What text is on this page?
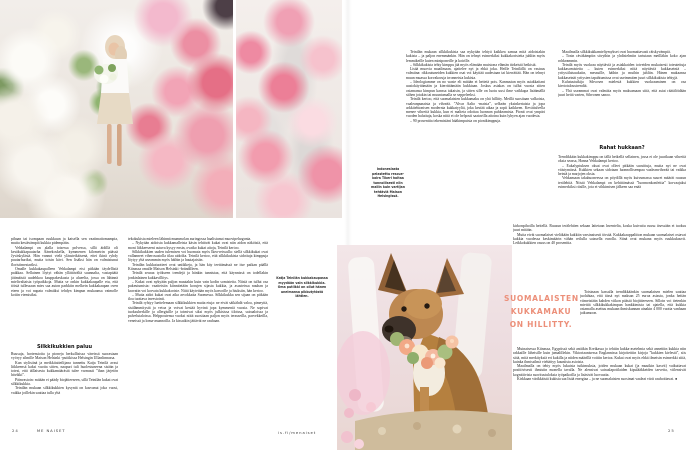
pihaan tai isompaan ruukkuun ja katsella sen vaatimattomampia, mutta kestävämpiä kukkia pidempään.

Vehkalampi on alalla toisessa polvessa, sillä äidillä oli kesäkukkapuutarha Äänekoskella, kymmenen kilometrin päässä Jyväskylästä. Hän vannoi vielä yläasteikäisenä, ettei ikinä ryhdy puutarhuriksi, mutta toisin kävi. Sen lisäksi hän on valmistunut floristimestariksi.

Omalle kukkakaupalleen Vehkalampi etsi pitkään täydellistä paikkaa. Sellainen löytyi vähän yllättävältä suunnalta, vastapäätä jätimäistä uudehkoa kauppakeskusta ja alueelta, jossa on lähinnä mielivaltaisia työpaikkoja. Mutta se onkin kukkakaupalle etu, että töistä tullessaan mies saa auton parkkiin melkein kukkakaupan oven eteen ja voi napata valmiiksi tehdyn kimpun mukaansa vaimolle kotiin viemisiksi.

Silkkikukkien paluu

Ruusuja, hortensioita ja pioneja herkullisissa väreissä suorastaan vyöryy silmille Maison Helsinki -putiikissa Helsingin Ullanlinnassa.

Kun stylistinä ja meikkitaiteilijana tunnettu Katja Teinilä avasi liikkeensä kaksi vuotta sitten, naapuri tuli huolestuneena sisään ja totesi, että tällaisesta kukkamäärästä tulee varmasti ”ihan järjetön hävikki”.

Päinvastoin: mitään ei päädy biojätteeseen, sillä Teinilän kukat ovat silkkikukkia.

Teinilän mukaan silkkikukkien kysyntä on kasvanut joka vuosi, vaikka joillekin saattaa tulla yhä

tekokukista mieleen lähinnä mummolan auringossa haalistunut muovipelargonia.

– Nykyään aidoista kukkamalleista käsin tehtävät kukat ovat niin aidon näköisiä, että moni liikkeeseeni astuva kysyy ensin, ovatko kukat aitoja, Teinilä kertoo.

Silkkikukkien uuden tulemisen voi huomata myös Ikea-reissulla: siellä silkkikukat ovat vallanneet viherosastolla tilaa aidoilta. Teinilä kertoo, että silkkikukista sidottuja kimppuja löytyy yhä useammin myös häihin ja hautajaisiin.

Teinilän kukkatuotteet ovat uniikkeja, ja hän käy teettämässä ne itse paikan päällä Kiinassa omalle Maison Helsinki -brändilleen.

Teinilä seuraa työkseen trendejä ja hänkin tunnistaa, että käynnissä on todellakin jonkinlainen kukkavillitys.

– Kukat ovat nykyään paljon muutakin kuin vain kodin somisteita. Niistä on tullut osa pukeutumista: vaatteisiin kiinnitetään korujen sijasta kukkia, ja asusteissa nauhan ja kravatin voi korvata kukkakoriste. Niitä käytetään myös kasvoille ja hiuksiin, hän kertoo.

– Mutta aidot kukat ovat aika arvokkaita Suomessa. Silkkikukka sen sijaan on pitkään iloa tuottava investointi.

Teinilä ryhtyy luettelemaan silkkikukkien muita etuja: ne eivät säikähdä valoa, pimeyttä, sisälämmitystä ja vetoa ja voivat kestää hyvinä jopa kymmeniä vuosia. Ne sopivat tuoksuherkille ja allergisille ja toimivat siksi myös julkisissa tiloissa, sairaaloissa ja palvelutaloissa. Helppoutensa vuoksi niitä suositaan paljon myös terasseilla, parvekkeilla, veneissä ja loma-asunnoilla. Ja kissatkin jättävät ne rauhaan.

Katja Teinilän kukkakaupassa myydään vain silkkikukkia. Oma putiikki on ollut hänen unelmansa pikkutytöstä lähtien.
Indonesiasta pelastettu rescue-koira Tikeri hoitaa tunnollisesti niin mallin kuin vartijan tehtäviä Maison Helsingissä.

Teinilän mukaan silkkikukista saa nykyään tehtyä kaikkea samaa mitä aidoistakin kukista – ja paljon enemmänkin. Hän on tehnyt esimerkiksi kukkakoristeita juhliin myös lemmikeille kuten miniponeille ja koirille.

– Silkkikukista tehty kimppu jää myös elämään muistona elämän tärkeistä hetkistä.

Lisää muovia maailmaan, ajattelee nyt ja ehkä joku. Heille Teinilällä on vastaus valmiina: rikkoutuneiden kukkien osat voi käyttää uudestaan tai kierrättää. Hän on tehnyt muun muassa korvakoruja irronneista kukista.

– Ideologiamme on no waste eli mitään ei heitetä pois. Kannustan myös asiakkaitani uusiokäyttämään ja kierrättämään kukkiaan. Joskus asiakas on tullut vuosia sitten ostamansa kimpun kanssa takaisin, ja sitten sille on luotu uusi ilme vaikkapa lisäämällä siihen jotakin tai muuntamalla se seppeleeksi.

Teinilä kertoo, että suomalaisten kukkamaku on yhä hillitty. Meillä suositaan valkoista, vaaleanpunaista ja vihreää. ”Alvar Aalto -maista”, selkeän yksinkertaista ja jopa arkkitehtonisen modernia kukkatyyliä, joka kestää aikaa ja sopii kaikkeen. Kevättalvella menee vihreitä kukkia, kun ei malteta odottaa luonnon puhkeamista. Pionit ovat ympäri vuoden haluttuja, koska niitä ei ole helposti saatavilla aitoina kuin lyhyen ajan vuodesta.

– 90 prosenttia tekemistäni hääkimpuista on pionikimppuja.

Maailmalla silkkikukkamieltymykset ovat huomattavasti räiskyvämpiä.

– Tosin räväkämpiin sävyihin ja yhdistelmiin tartutaan meilläkin koko ajan rohkeammin.

Teinilä myös vuokraa näyttäviä ja asiakkaiden toiveiden mukaisesti toteutettuja kukkasomisteita – kuten esimerkiksi niitä näyttäviä kukkaseiniä – yritystilaisuuksiin, messuille, häihin ja muihin juhliin. Hänen mukaansa kukkaseinät yritysten tapahtumissa ovat useimmiten juuri silkkikukista tehtyjä.

Kulutustutkija Sihvosen mielestä kukkien vuokraaminen on osa kiertotaloustrendiä.

– Yhä useammat ovat valmiita myös maksamaan siitä, että asiat räätälöidään juuri heitä varten, Sihvonen sanoo.

Rahat hukkaan?

Trendikkäin kukkakimppu on tällä hetkellä sellainen, jossa ei ole juurikaan vihreitä oksia seassa, Hanna Vehkalampi kertoo.

– Eukalyptuksen oksat ovat olleet pitkään suosittuja, mutta nyt ne ovat väistymässä. Kukkien sekaan sidotaan luonnollisempaa vaaleanvihreää tai vaikka heiniä ja marjojen oksia.

Vehkamaan takahuoneessa on pöydillä myös kuivumassa suuret määrät ruusun terälehtiä. Niistä Vehkalampi on kehittämässä ”luonnonkonfettia” korvaajaksi esimerkiksi riisille, jota ei vihkimisen jälkeen saa enää

kirkonpihoilla heitellä. Ruusun terälehtien sekaan laitetaan laventelia, koska kuivattu ruusu itsessään ei tuoksu juuri mitään.

Mutta eivät suomalaiset vieläkään kukkiin varsinaisesti törsää. Kukkakauppaliiton mukaan suomalaiset ostavat kukkia vuodessa keskimäärin vähän reilulla satasella eurolla. Siinä ovat mukana myös ruukkukasvit. Leikkokukkien osuus on 40 prosenttia.

SUOMALAISTEN
KUKKAMAKU
ON HILLITTY.

Toisinaan kassalla trendikkäänkin suomalaisen mielen saattaa juolahtaa, että tässä nyt maksan 25 euroa asiasta, jonka heitän viimeistään kahden viikon päästä biojätteeseen. Silloin voi tietenkin miettiä silkkikukkakimpun hankkimista tai ajatella, että kukkia ostamalla asettuu mukaan ihmiskunnan ainakin 4 000 vuotta vanhaan jatkumoon.

Muinaisessa Kiinassa, Egyptissä sekä antiikin Kreikassa jo tehtiin kukka-asetelmia sekä annettiin kukkia niin rakkaille läheisille kuin jumalillekin. Viktoriaanisessa Englannissa kirjoitettiin kirjoja ”kukkien kielestä”, siis siitä, mitä merkityksiä eri kukilla ja niiden määrillä voitiin kertoa. Kukat ovat myös ehkä ilmeisin esimerkki siitä, kuinka ihmissilmä viehättyy kauniista asioista.

Maailmalla on tehty myös lukuisia tutkimuksia, joiden mukaan kukat (ja muutkin kasvit) vaikuttavat positiivisesti ihmisiin monella tavalla. Ne alensivat sairaalapotilaiden kipulääkkeiden tarvetta, viilensivät kognitiivisia suoritustuloksia työpaikoilla ja lisäsivät luovuutta.

Kirkkaan värikkäistä kukista saa lisää energiaa – ja ne suomalaisten suosimat vaaleat värit rauhoittavat. ●

24	ME NAISET	is.fi/menaiset	25
